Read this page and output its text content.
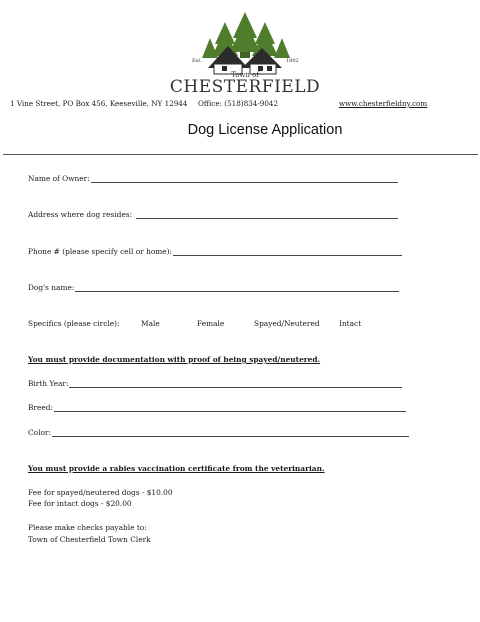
Est.	1802
Town of
CHESTERFIELD
1 Vine Street, PO Box 456, Keeseville, NY 12944 Office: (518)834-9042	www.chesterfieldny.com
Dog License Application
Name of Owner:
Address where dog resides:
Phone # (please specify cell or home):
Dog's name:
Specifics (please circle):	Male	Female	Spayed/Neutered	Intact
You must provide documentation with proof of being spayed/neutered.
Birth Year:
Breed:
Color:
You must provide a rabies vaccination certificate from the veterinarian.
Fee for spayed/neutered dogs - $10.00
Fee for intact dogs - $20.00
Please make checks payable to:
Town of Chesterfield Town Clerk
